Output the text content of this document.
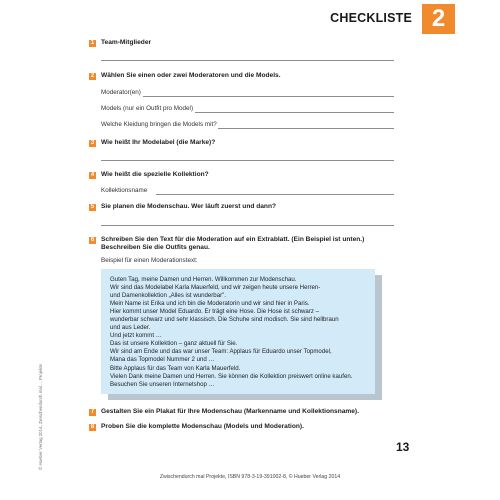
CHECKLISTE 2
1 Team-Mitglieder
2 Wählen Sie einen oder zwei Moderatoren und die Models.
Moderator(en)
Models (nur ein Outfit pro Model)
Welche Kleidung bringen die Models mit?
3 Wie heißt Ihr Modelabel (die Marke)?
4 Wie heißt die spezielle Kollektion?
Kollektionsname
5 Sie planen die Modenschau. Wer läuft zuerst und dann?
6 Schreiben Sie den Text für die Moderation auf ein Extrablatt. (Ein Beispiel ist unten.)
Beschreiben Sie die Outfits genau.
Beispiel für einen Moderationstext:
Guten Tag, meine Damen und Herren. Willkommen zur Modenschau.
Wir sind das Modelabel Karla Mauerfeld, und wir zeigen heute unsere Herren-
und Damenkollektion „Alles ist wunderbar".
Mein Name ist Erika und ich bin die Moderatorin und wir sind hier in Paris.
Hier kommt unser Model Eduardo. Er trägt eine Hose. Die Hose ist schwarz –
wunderbar schwarz und sehr klassisch. Die Schuhe sind modisch. Sie sind hellbraun
und aus Leder.
Und jetzt kommt …
Das ist unsere Kollektion – ganz aktuell für Sie.
Wir sind am Ende und das war unser Team: Applaus für Eduardo unser Topmodel,
Mana das Topmodel Nummer 2 und …
Bitte Applaus für das Team von Karla Mauerfeld.
Vielen Dank meine Damen und Herren. Sie können die Kollektion preiswert online kaufen.
Besuchen Sie unseren Internetshop …
7 Gestalten Sie ein Plakat für Ihre Modenschau (Markenname und Kollektionsname).
8 Proben Sie die komplette Modenschau (Models und Moderation).
© Hueber Verlag 2014, Zwischendurch mal ... Projekte	13
Zwischendurch mal Projekte, ISBN 978-3-19-391002-8, © Hueber Verlag 2014
